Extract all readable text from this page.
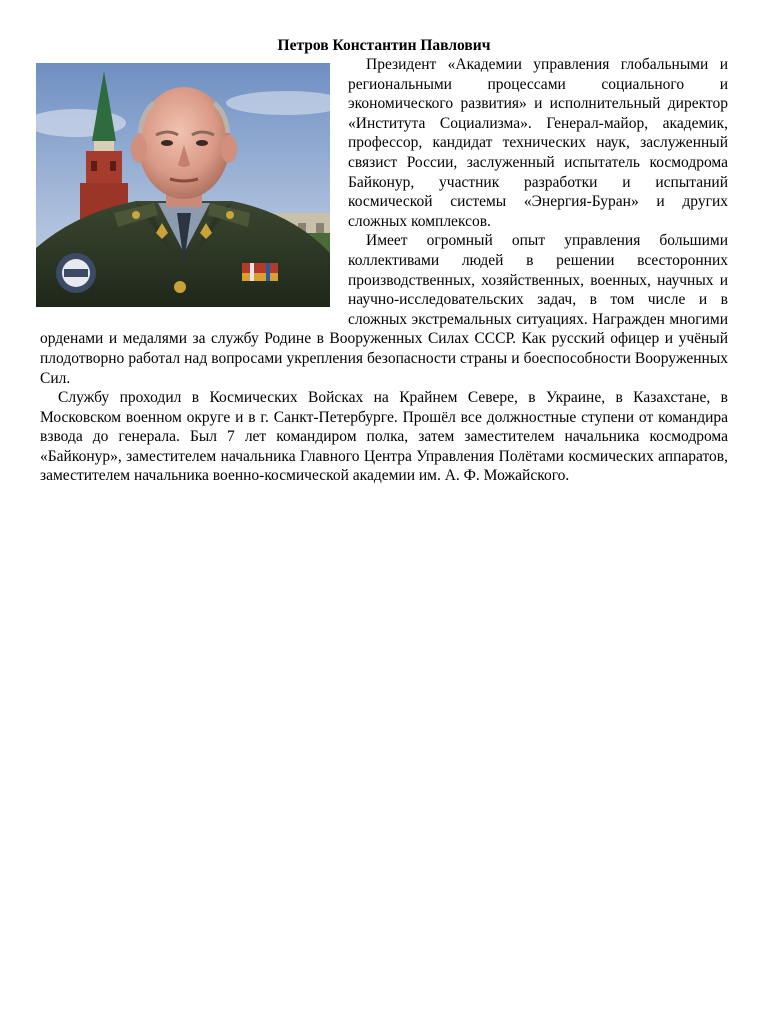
Петров Константин Павлович

Президент «Академии управления глобальными и региональными процессами социального и экономического развития» и исполнительный директор «Института Социализма». Генерал-майор, академик, профессор, кандидат технических наук, заслуженный связист России, заслуженный испытатель космодрома Байконур, участник разработки и испытаний космической системы «Энергия-Буран» и других сложных комплексов.

Имеет огромный опыт управления большими коллективами людей в решении всесторонних производственных, хозяйственных, военных, научных и научно-исследовательских задач, в том числе и в сложных экстремальных ситуациях. Награжден многими орденами и медалями за службу Родине в Вооруженных Силах СССР. Как русский офицер и учёный плодотворно работал над вопросами укрепления безопасности страны и боеспособности Вооруженных Сил.

Службу проходил в Космических Войсках на Крайнем Севере, в Украине, в Казахстане, в Московском военном округе и в г. Санкт-Петербурге. Прошёл все должностные ступени от командира взвода до генерала. Был 7 лет командиром полка, затем заместителем начальника космодрома «Байконур», заместителем начальника Главного Центра Управления Полётами космических аппаратов, заместителем начальника военно-космической академии им. А. Ф. Можайского.
